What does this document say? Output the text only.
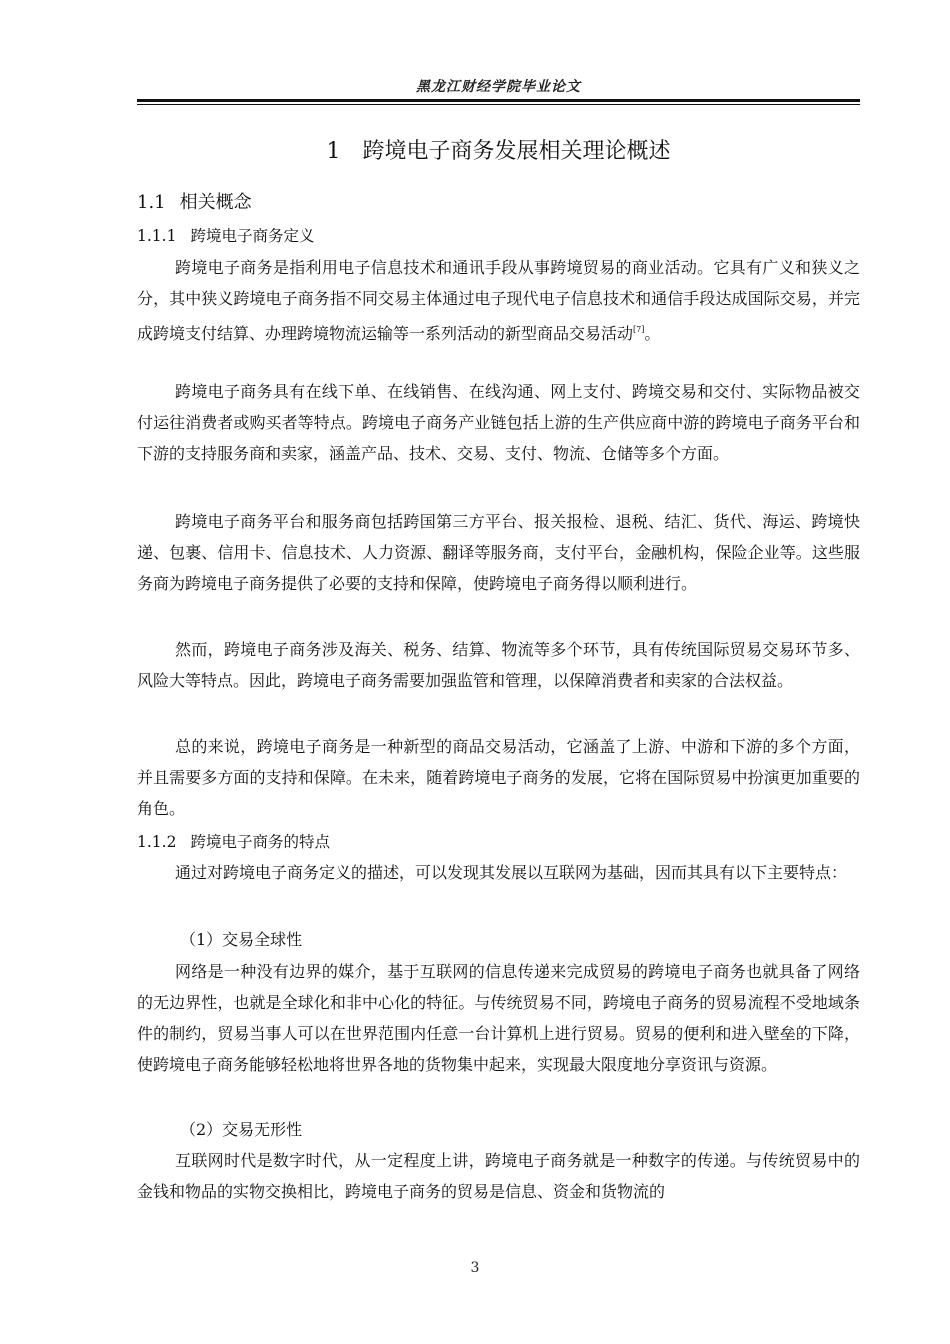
黑龙江财经学院毕业论文
1 跨境电子商务发展相关理论概述
1.1 相关概念
1.1.1 跨境电子商务定义
跨境电子商务是指利用电子信息技术和通讯手段从事跨境贸易的商业活动。它具有广义和狭义之分，其中狭义跨境电子商务指不同交易主体通过电子现代电子信息技术和通信手段达成国际交易，并完成跨境支付结算、办理跨境物流运输等一系列活动的新型商品交易活动[7]。
跨境电子商务具有在线下单、在线销售、在线沟通、网上支付、跨境交易和交付、实际物品被交付运往消费者或购买者等特点。跨境电子商务产业链包括上游的生产供应商中游的跨境电子商务平台和下游的支持服务商和卖家，涵盖产品、技术、交易、支付、物流、仓储等多个方面。
跨境电子商务平台和服务商包括跨国第三方平台、报关报检、退税、结汇、货代、海运、跨境快递、包裹、信用卡、信息技术、人力资源、翻译等服务商，支付平台，金融机构，保险企业等。这些服务商为跨境电子商务提供了必要的支持和保障，使跨境电子商务得以顺利进行。
然而，跨境电子商务涉及海关、税务、结算、物流等多个环节，具有传统国际贸易交易环节多、风险大等特点。因此，跨境电子商务需要加强监管和管理，以保障消费者和卖家的合法权益。
总的来说，跨境电子商务是一种新型的商品交易活动，它涵盖了上游、中游和下游的多个方面，并且需要多方面的支持和保障。在未来，随着跨境电子商务的发展，它将在国际贸易中扮演更加重要的角色。
1.1.2 跨境电子商务的特点
通过对跨境电子商务定义的描述，可以发现其发展以互联网为基础，因而其具有以下主要特点：
（1）交易全球性
网络是一种没有边界的媒介，基于互联网的信息传递来完成贸易的跨境电子商务也就具备了网络的无边界性，也就是全球化和非中心化的特征。与传统贸易不同，跨境电子商务的贸易流程不受地域条件的制约，贸易当事人可以在世界范围内任意一台计算机上进行贸易。贸易的便利和进入壁垒的下降，使跨境电子商务能够轻松地将世界各地的货物集中起来，实现最大限度地分享资讯与资源。
（2）交易无形性
互联网时代是数字时代，从一定程度上讲，跨境电子商务就是一种数字的传递。与传统贸易中的金钱和物品的实物交换相比，跨境电子商务的贸易是信息、资金和货物流的
3
